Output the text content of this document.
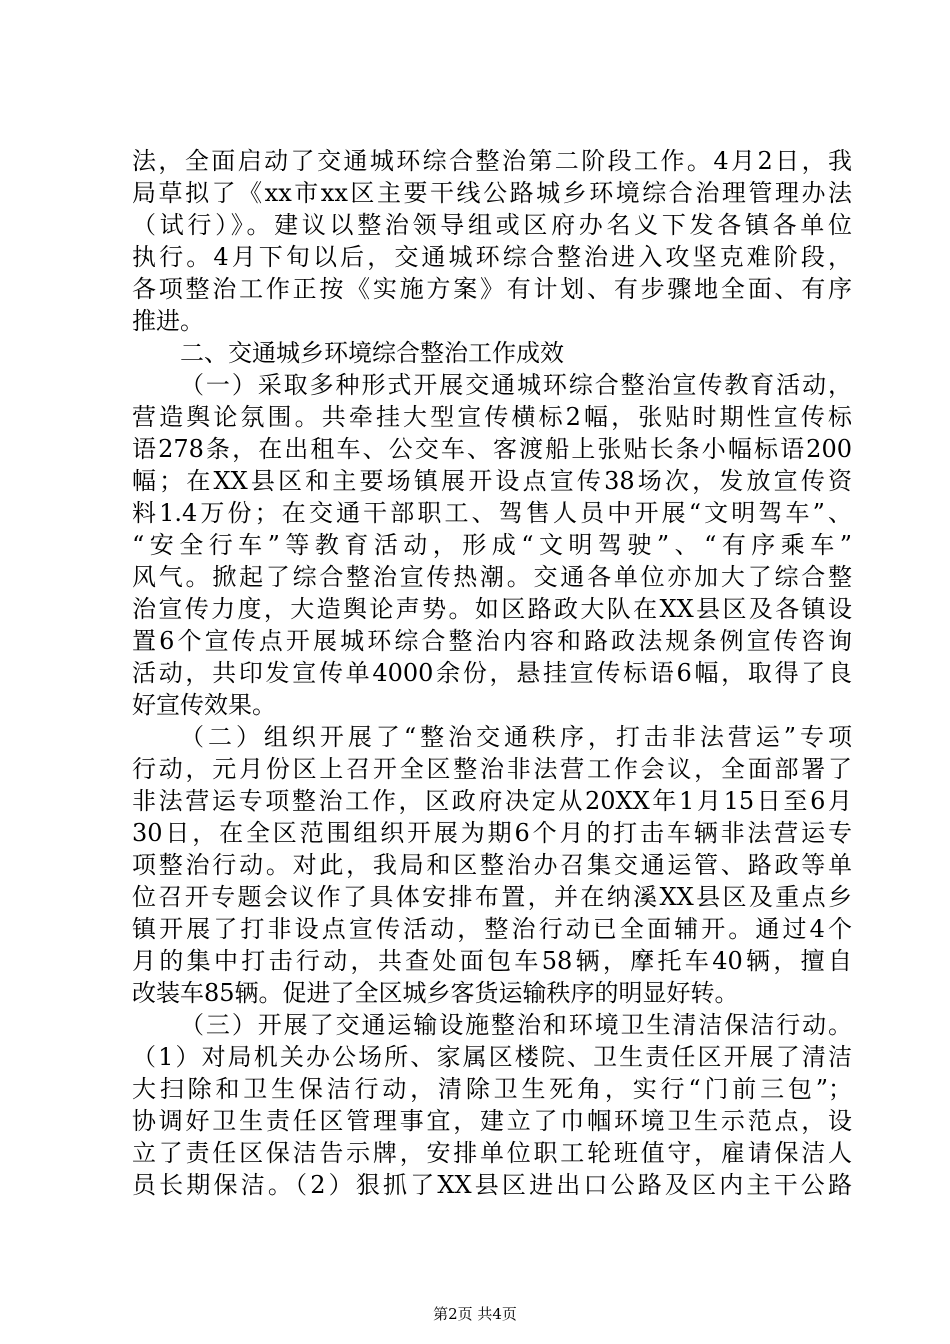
法，全面启动了交通城环综合整治第二阶段工作。4月2日，我
局草拟了《xx市xx区主要干线公路城乡环境综合治理管理办法
（试行）》。建议以整治领导组或区府办名义下发各镇各单位
执行。4月下旬以后，交通城环综合整治进入攻坚克难阶段，
各项整治工作正按《实施方案》有计划、有步骤地全面、有序
推进。
二、交通城乡环境综合整治工作成效
（一）采取多种形式开展交通城环综合整治宣传教育活动，
营造舆论氛围。共牵挂大型宣传横标2幅，张贴时期性宣传标
语278条，在出租车、公交车、客渡船上张贴长条小幅标语200
幅；在XX县区和主要场镇展开设点宣传38场次，发放宣传资
料1.4万份；在交通干部职工、驾售人员中开展“文明驾车”、
“安全行车”等教育活动，形成“文明驾驶”、“有序乘车”
风气。掀起了综合整治宣传热潮。交通各单位亦加大了综合整
治宣传力度，大造舆论声势。如区路政大队在XX县区及各镇设
置6个宣传点开展城环综合整治内容和路政法规条例宣传咨询
活动，共印发宣传单4000余份，悬挂宣传标语6幅，取得了良
好宣传效果。
（二）组织开展了“整治交通秩序，打击非法营运”专项
行动，元月份区上召开全区整治非法营工作会议，全面部署了
非法营运专项整治工作，区政府决定从20XX年1月15日至6月
30日，在全区范围组织开展为期6个月的打击车辆非法营运专
项整治行动。对此，我局和区整治办召集交通运管、路政等单
位召开专题会议作了具体安排布置，并在纳溪XX县区及重点乡
镇开展了打非设点宣传活动，整治行动已全面辅开。通过4个
月的集中打击行动，共查处面包车58辆，摩托车40辆，擅自
改装车85辆。促进了全区城乡客货运输秩序的明显好转。
（三）开展了交通运输设施整治和环境卫生清洁保洁行动。
（1）对局机关办公场所、家属区楼院、卫生责任区开展了清洁
大扫除和卫生保洁行动，清除卫生死角，实行“门前三包”；
协调好卫生责任区管理事宜，建立了巾帼环境卫生示范点，设
立了责任区保洁告示牌，安排单位职工轮班值守，雇请保洁人
员长期保洁。（2）狠抓了XX县区进出口公路及区内主干公路
第2页 共4页
